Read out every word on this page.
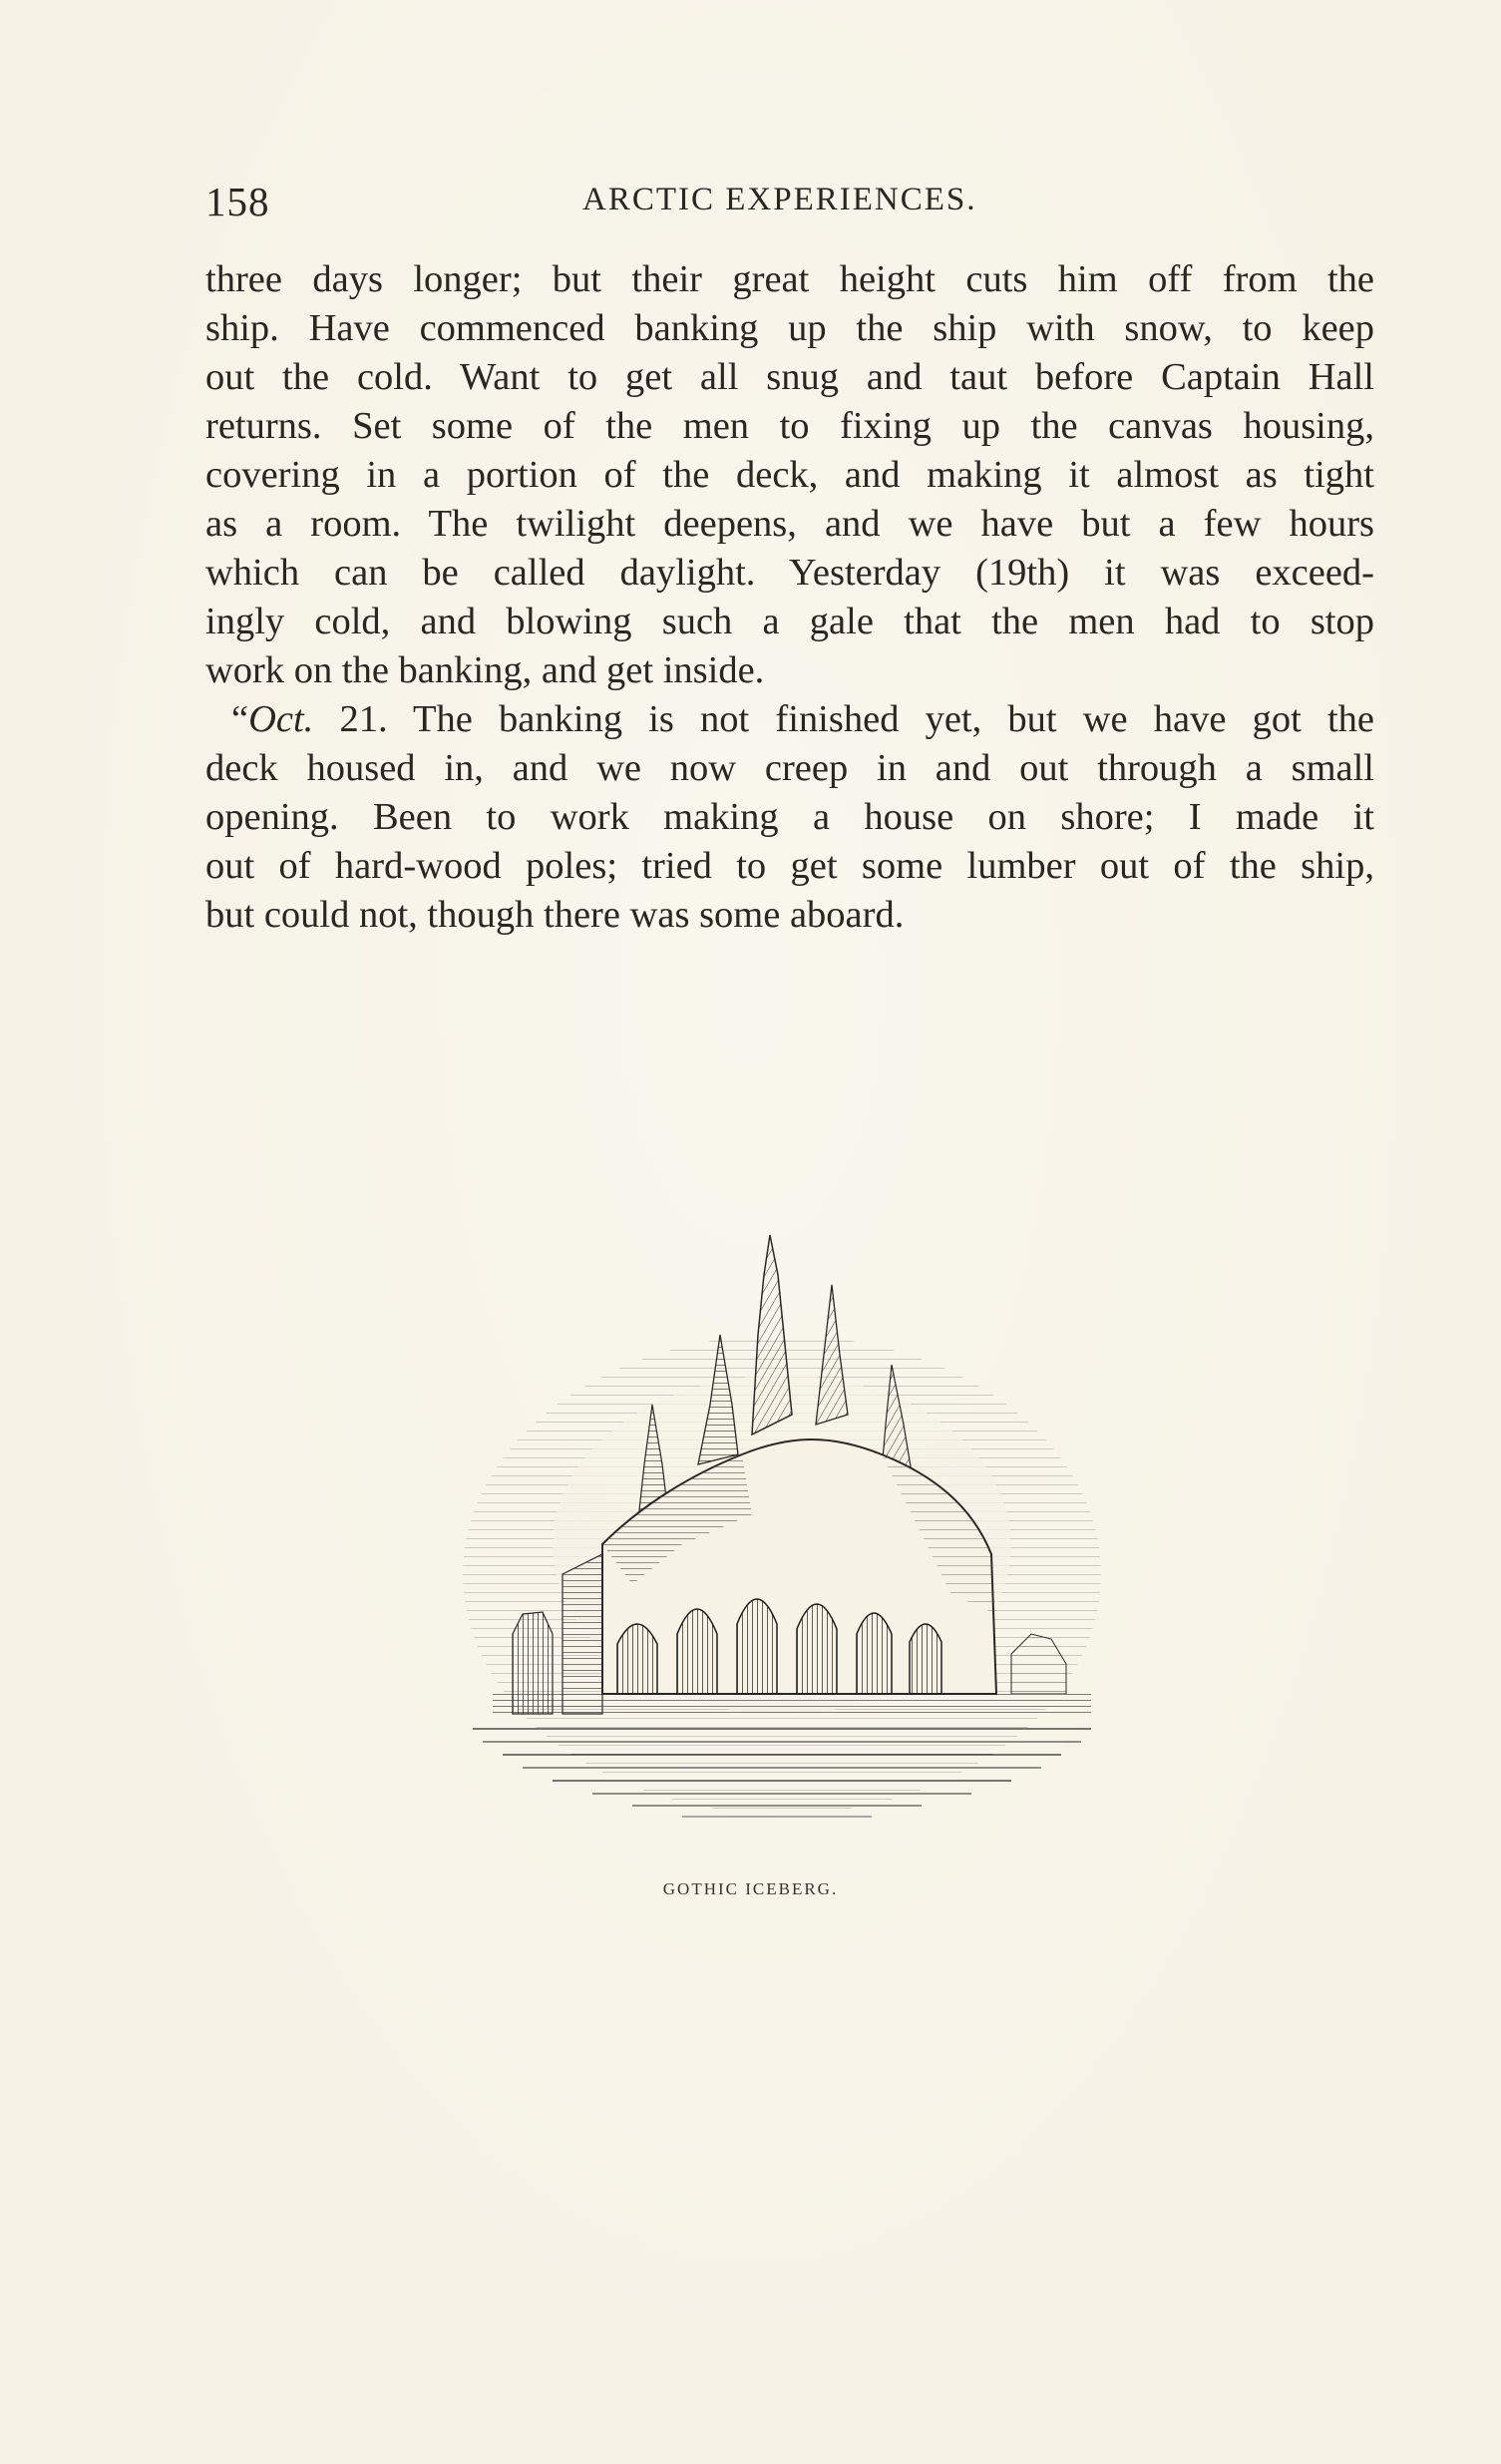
158	ARCTIC EXPERIENCES.
three days longer; but their great height cuts him off from the
ship. Have commenced banking up the ship with snow, to keep
out the cold. Want to get all snug and taut before Captain Hall
returns. Set some of the men to fixing up the canvas housing,
covering in a portion of the deck, and making it almost as tight
as a room. The twilight deepens, and we have but a few hours
which can be called daylight. Yesterday (19th) it was exceed-
ingly cold, and blowing such a gale that the men had to stop
work on the banking, and get inside.
“Oct. 21. The banking is not finished yet, but we have got the
deck housed in, and we now creep in and out through a small
opening. Been to work making a house on shore; I made it
out of hard-wood poles; tried to get some lumber out of the ship,
but could not, though there was some aboard.
GOTHIC ICEBERG.
